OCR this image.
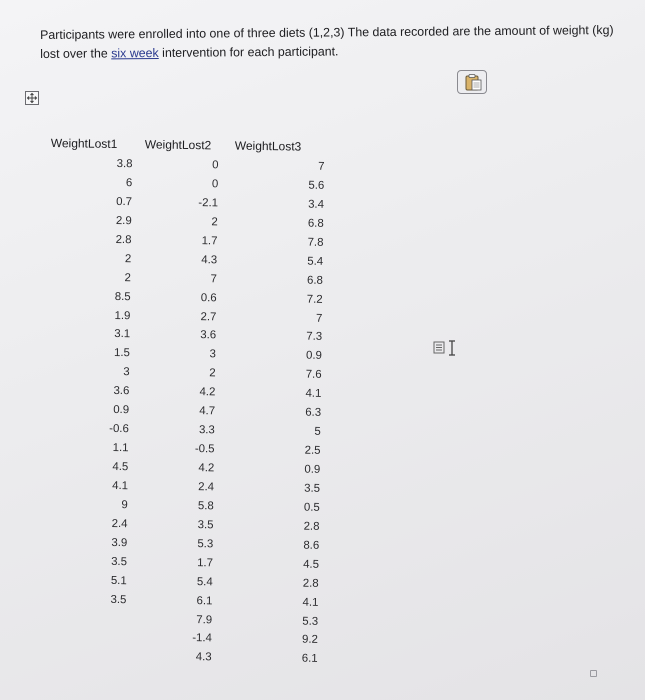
Participants were enrolled into one of three diets (1,2,3) The data recorded are the amount of weight (kg) lost over the six week intervention for each participant.
WeightLost1 WeightLost2 WeightLost3
3.8
6
0.7
2.9
2.8
2
2
8.5
1.9
3.1
1.5
3
3.6
0.9
-0.6
1.1
4.5
4.1
9
2.4
3.9
3.5
5.1
3.5
0
0
-2.1
2
1.7
4.3
7
0.6
2.7
3.6
3
2
4.2
4.7
3.3
-0.5
4.2
2.4
5.8
3.5
5.3
1.7
5.4
6.1
7.9
-1.4
4.3
7
5.6
3.4
6.8
7.8
5.4
6.8
7.2
7
7.3
0.9
7.6
4.1
6.3
5
2.5
0.9
3.5
0.5
2.8
8.6
4.5
2.8
4.1
5.3
9.2
6.1
